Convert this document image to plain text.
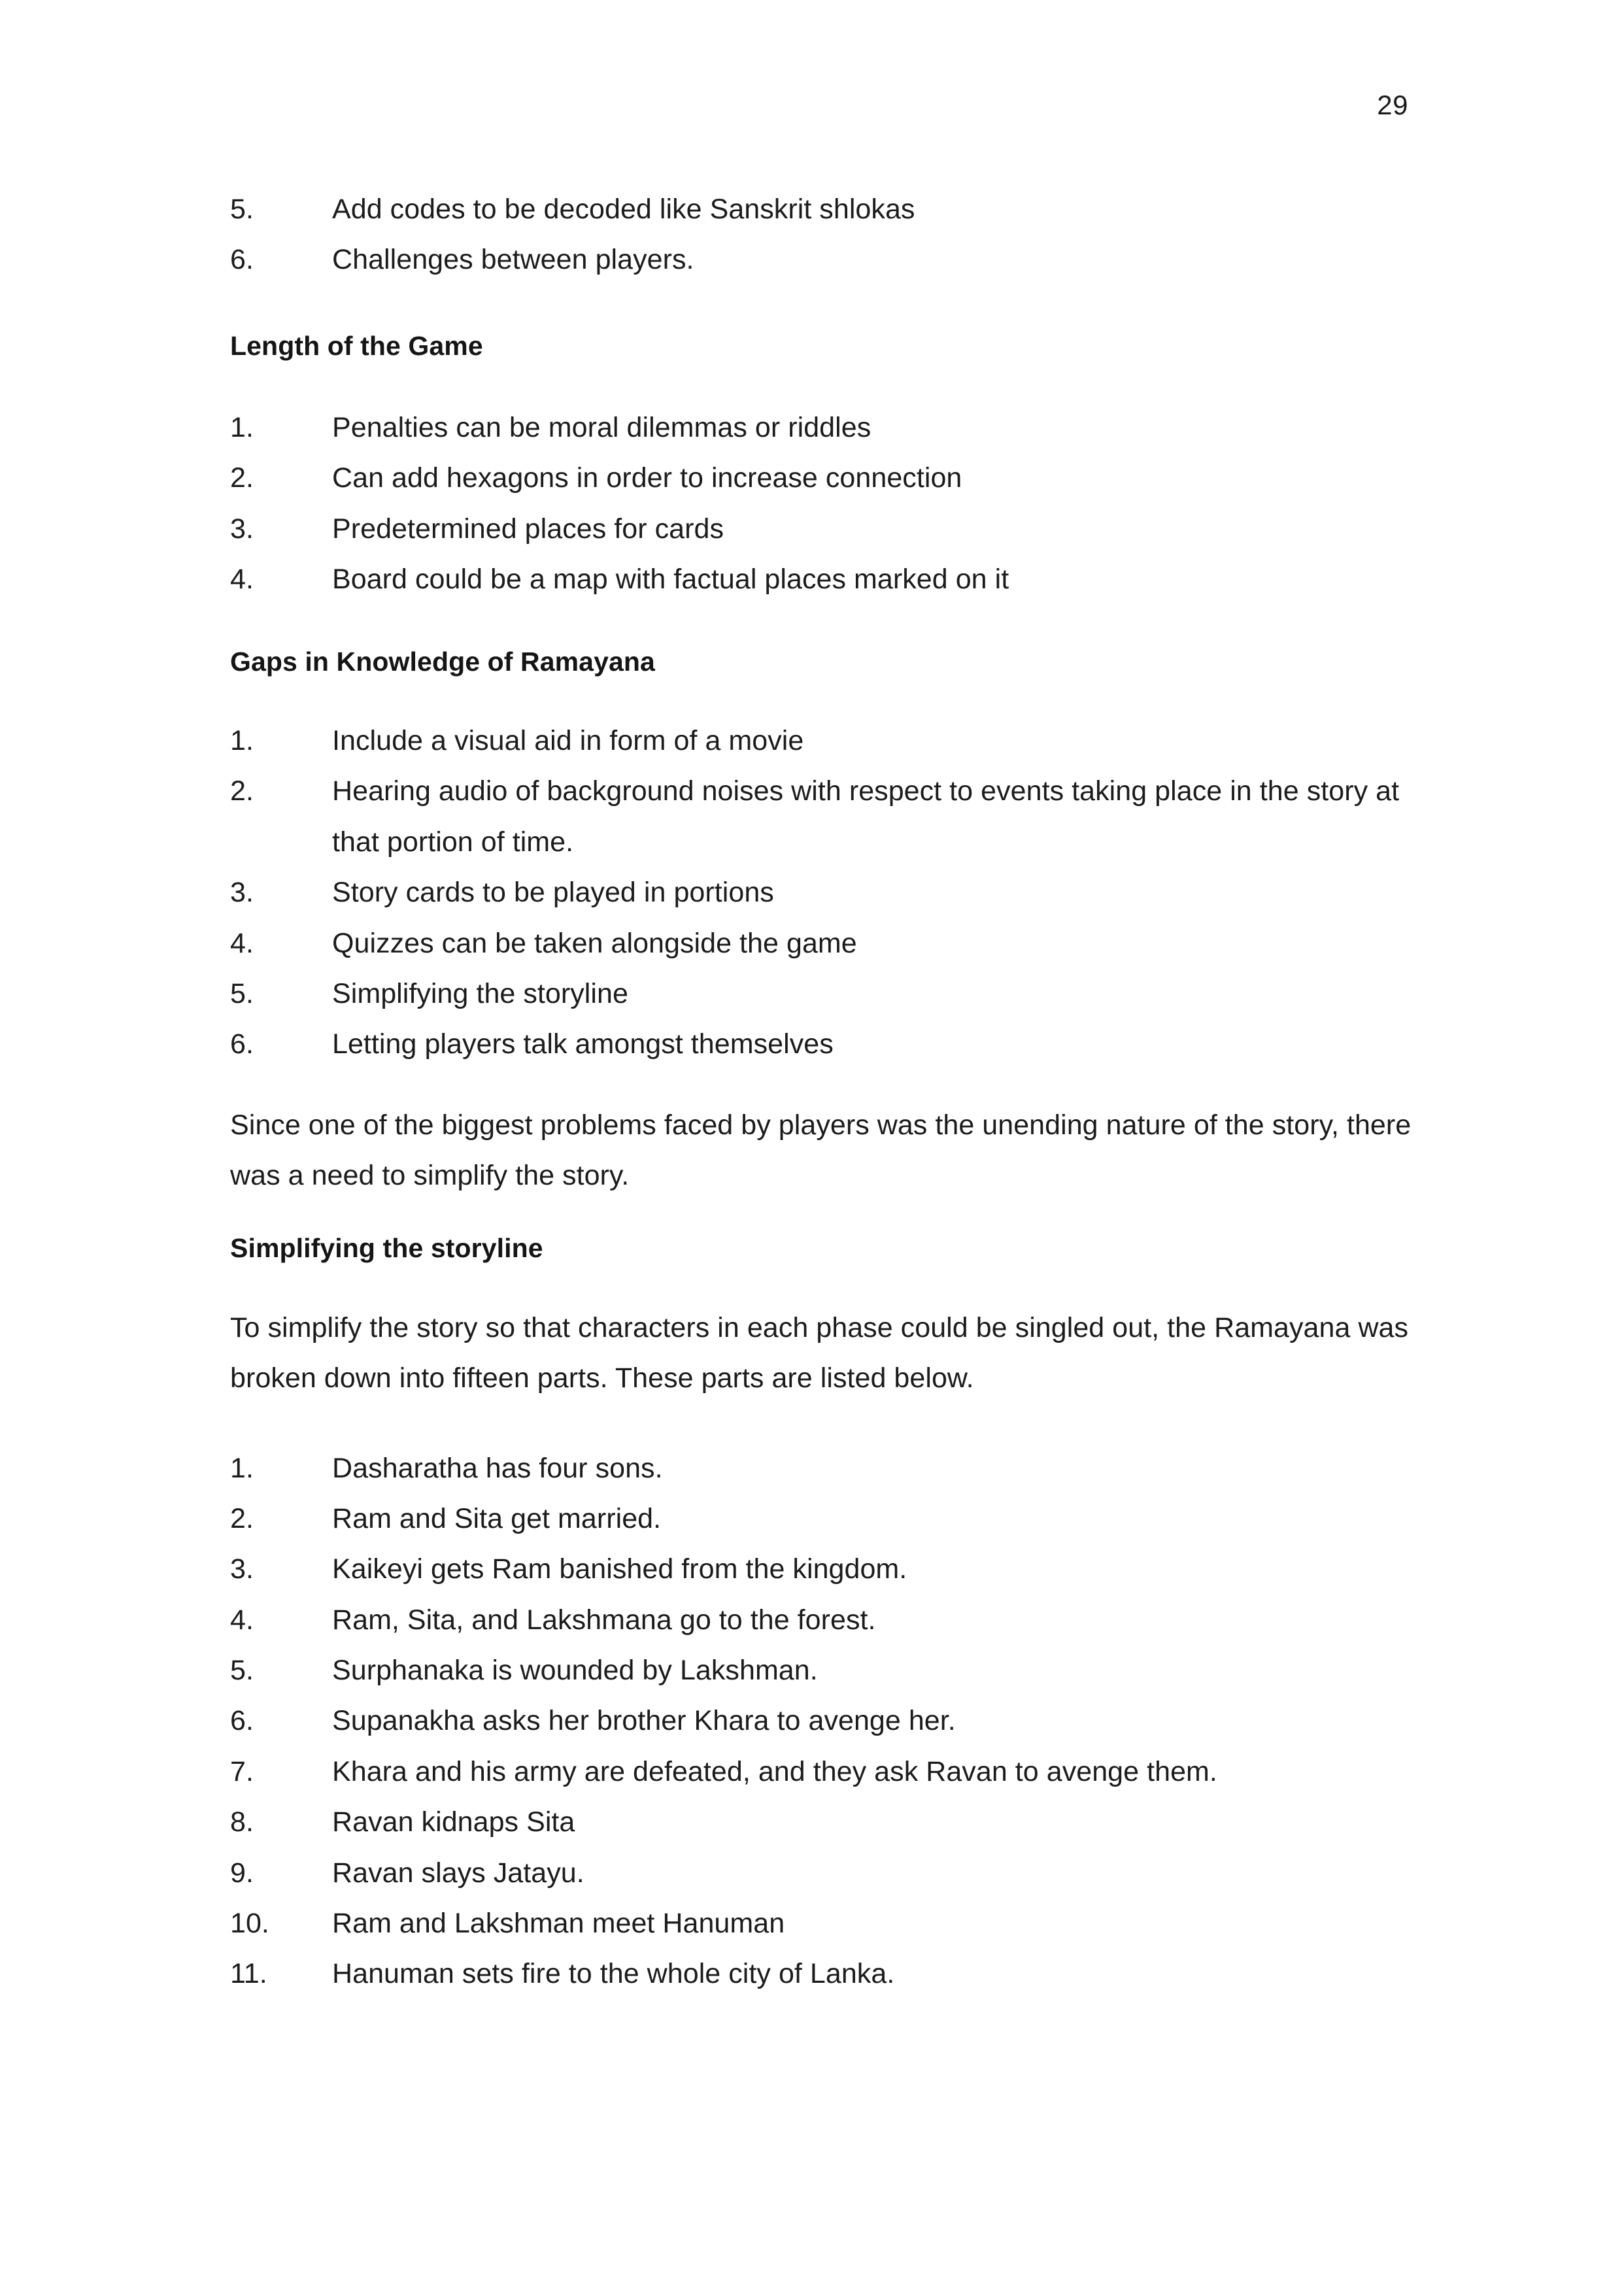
29
5.	Add codes to be decoded like Sanskrit shlokas
6.	Challenges between players.
Length of the Game
1.	Penalties can be moral dilemmas or riddles
2.	Can add hexagons in order to increase connection
3.	Predetermined places for cards
4.	Board could be a map with factual places marked on it
Gaps in Knowledge of Ramayana
1.	Include a visual aid in form of a movie
2.	Hearing audio of background noises with respect to events taking place in the story at that portion of time.
3.	Story cards to be played in portions
4.	Quizzes can be taken alongside the game
5.	Simplifying the storyline
6.	Letting players talk amongst themselves

Since one of the biggest problems faced by players was the unending nature of the story, there was a need to simplify the story.

Simplifying the storyline

To simplify the story so that characters in each phase could be singled out, the Ramayana was broken down into fifteen parts. These parts are listed below.

1.	Dasharatha has four sons.
2.	Ram and Sita get married.
3.	Kaikeyi gets Ram banished from the kingdom.
4.	Ram, Sita, and Lakshmana go to the forest.
5.	Surphanaka is wounded by Lakshman.
6.	Supanakha asks her brother Khara to avenge her.
7.	Khara and his army are defeated, and they ask Ravan to avenge them.
8.	Ravan kidnaps Sita
9.	Ravan slays Jatayu.
10.	Ram and Lakshman meet Hanuman
11.	Hanuman sets fire to the whole city of Lanka.
